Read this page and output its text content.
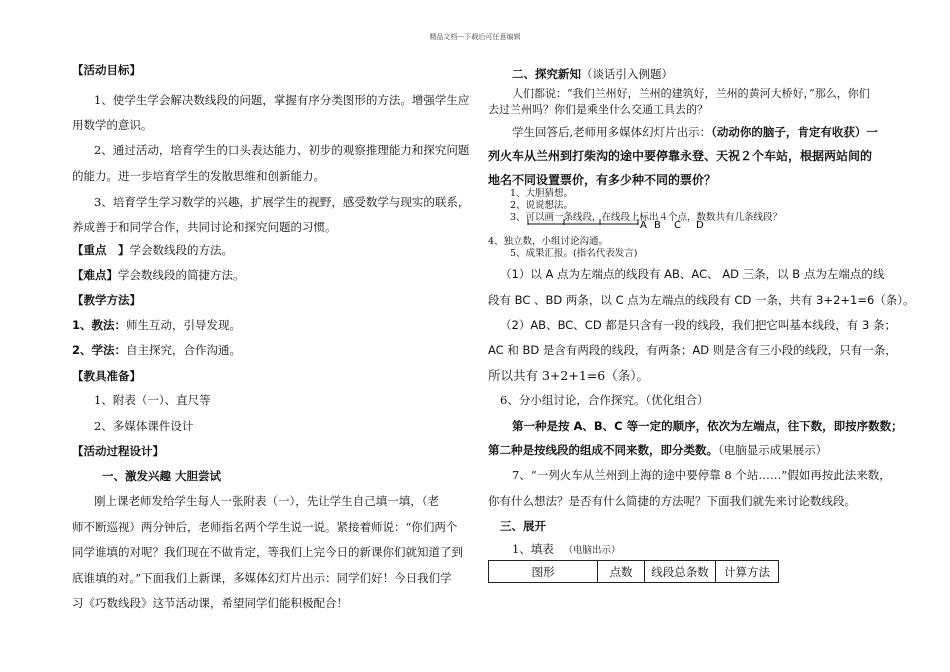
精品文档---下载后可任意编辑
【活动目标】
1、使学生学会解决数线段的问题，掌握有序分类图形的方法。增强学生应
用数学的意识。
2、通过活动，培育学生的口头表达能力、初步的观察推理能力和探究问题
的能力。进一步培育学生的发散思维和创新能力。
3、培育学生学习数学的兴趣，扩展学生的视野，感受数学与现实的联系，
养成善于和同学合作，共同讨论和探究问题的习惯。
【重点　】学会数线段的方法。
【难点】学会数线段的简捷方法。
【教学方法】
1、教法：师生互动，引导发现。
2、学法：自主探究，合作沟通。
【教具准备】
1、附表（一）、直尺等
2、多媒体课件设计
【活动过程设计】
一、激发兴趣 大胆尝试
刚上课老师发给学生每人一张附表（一），先让学生自己填一填，（老
师不断巡视）两分钟后，老师指名两个学生说一说。紧接着师说：“你们两个
同学谁填的对呢？我们现在不做肯定，等我们上完今日的新课你们就知道了到
底谁填的对。”下面我们上新课，多媒体幻灯片出示：同学们好！今日我们学
习《巧数线段》这节活动课，希望同学们能积极配合！
二、探究新知（谈话引入例题）
人们都说：“我们兰州好，兰州的建筑好，兰州的黄河大桥好，”那么，你们
去过兰州吗？你们是乘坐什么交通工具去的？
学生回答后,老师用多媒体幻灯片出示：（动动你的脑子，肯定有收获）一
列火车从兰州到打柴沟的途中要停靠永登、天祝２个车站，根据两站间的
地名不同设置票价，有多少种不同的票价？
1、大胆猜想。
2、说说想法。
3、可以画一条线段，在线段上标出４个点，数数共有几条线段？
A B C D
4、独立数，小组讨论沟通。
5、成果汇报。(指名代表发言)
（1）以 A 点为左端点的线段有 AB、AC、 AD 三条，以 B 点为左端点的线
段有 BC 、BD 两条，以 C 点为左端点的线段有 CD 一条，共有 3+2+1=6（条）。
（2）AB、BC、CD 都是只含有一段的线段，我们把它叫基本线段，有 3 条；
AC 和 BD 是含有两段的线段，有两条；AD 则是含有三小段的线段，只有一条，
所以共有 3+2+1=6（条）。
6、分小组讨论，合作探究。（优化组合）
第一种是按 A、B、C 等一定的顺序，依次为左端点，往下数，即按序数数；
第二种是按线段的组成不同来数，即分类数。（电脑显示成果展示）
7、“一列火车从兰州到上海的途中要停靠 8 个站……”假如再按此法来数，
你有什么想法？是否有什么简捷的方法呢？下面我们就先来讨论数线段。
三、展开
1、填表 （电脑出示）
图形	点数	线段总条数	计算方法
